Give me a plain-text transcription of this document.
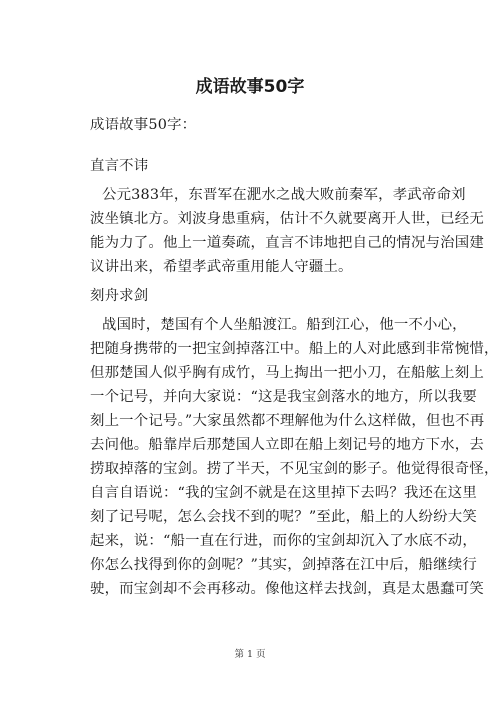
成语故事50字
成语故事50字：
直言不讳
公元383年，东晋军在淝水之战大败前秦军，孝武帝命刘
波坐镇北方。刘波身患重病，估计不久就要离开人世，已经无
能为力了。他上一道奏疏，直言不讳地把自己的情况与治国建
议讲出来，希望孝武帝重用能人守疆土。
刻舟求剑
战国时，楚国有个人坐船渡江。船到江心，他一不小心，
把随身携带的一把宝剑掉落江中。船上的人对此感到非常惋惜，
但那楚国人似乎胸有成竹，马上掏出一把小刀，在船舷上刻上
一个记号，并向大家说：“这是我宝剑落水的地方，所以我要
刻上一个记号。”大家虽然都不理解他为什么这样做，但也不再
去问他。船靠岸后那楚国人立即在船上刻记号的地方下水，去
捞取掉落的宝剑。捞了半天，不见宝剑的影子。他觉得很奇怪，
自言自语说：“我的宝剑不就是在这里掉下去吗？我还在这里
刻了记号呢，怎么会找不到的呢？”至此，船上的人纷纷大笑
起来，说：“船一直在行进，而你的宝剑却沉入了水底不动，
你怎么找得到你的剑呢？”其实，剑掉落在江中后，船继续行
驶，而宝剑却不会再移动。像他这样去找剑，真是太愚蠢可笑
第 1 页
